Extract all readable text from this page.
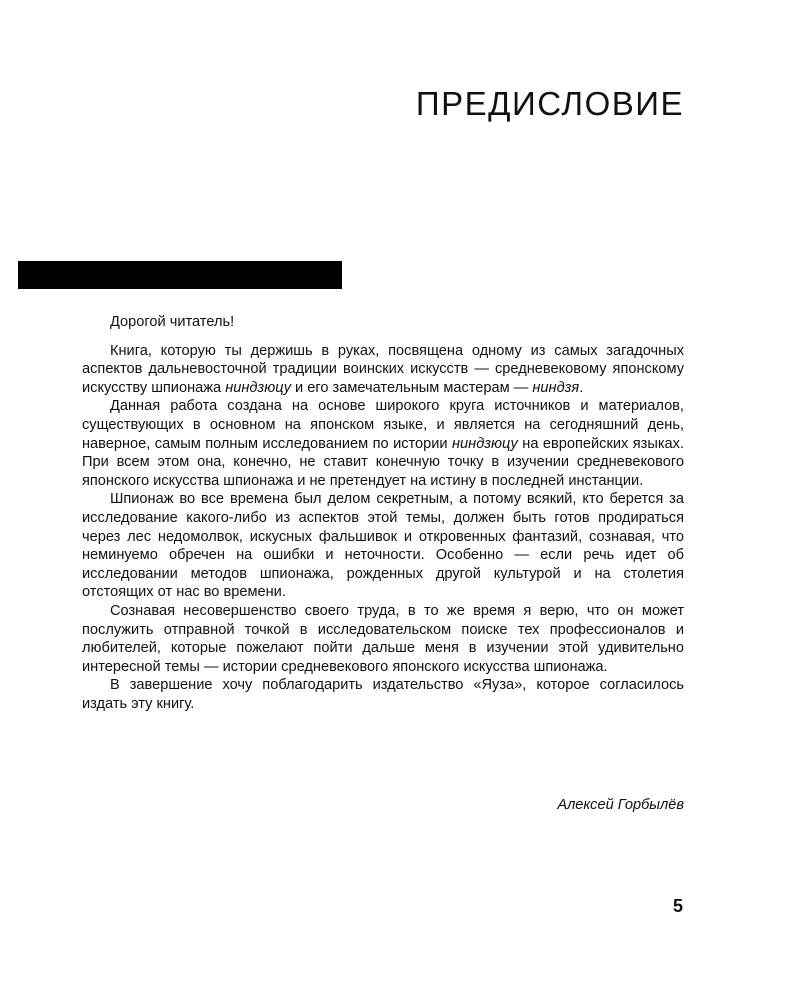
ПРЕДИСЛОВИЕ

Дорогой читатель!

Книга, которую ты держишь в руках, посвящена одному из самых загадочных аспектов дальневосточной традиции воинских искусств — средневековому японскому искусству шпионажа ниндзюцу и его замечательным мастерам — ниндзя.

Данная работа создана на основе широкого круга источников и материалов, существующих в основном на японском языке, и является на сегодняшний день, наверное, самым полным исследованием по истории ниндзюцу на европейских языках. При всем этом она, конечно, не ставит конечную точку в изучении средневекового японского искусства шпионажа и не претендует на истину в последней инстанции.

Шпионаж во все времена был делом секретным, а потому всякий, кто берется за исследование какого-либо из аспектов этой темы, должен быть готов продираться через лес недомолвок, искусных фальшивок и откровенных фантазий, сознавая, что неминуемо обречен на ошибки и неточности. Особенно — если речь идет об исследовании методов шпионажа, рожденных другой культурой и на столетия отстоящих от нас во времени.

Сознавая несовершенство своего труда, в то же время я верю, что он может послужить отправной точкой в исследовательском поиске тех профессионалов и любителей, которые пожелают пойти дальше меня в изучении этой удивительно интересной темы — истории средневекового японского искусства шпионажа.

В завершение хочу поблагодарить издательство «Яуза», которое согласилось издать эту книгу.

Алексей Горбылёв

5
